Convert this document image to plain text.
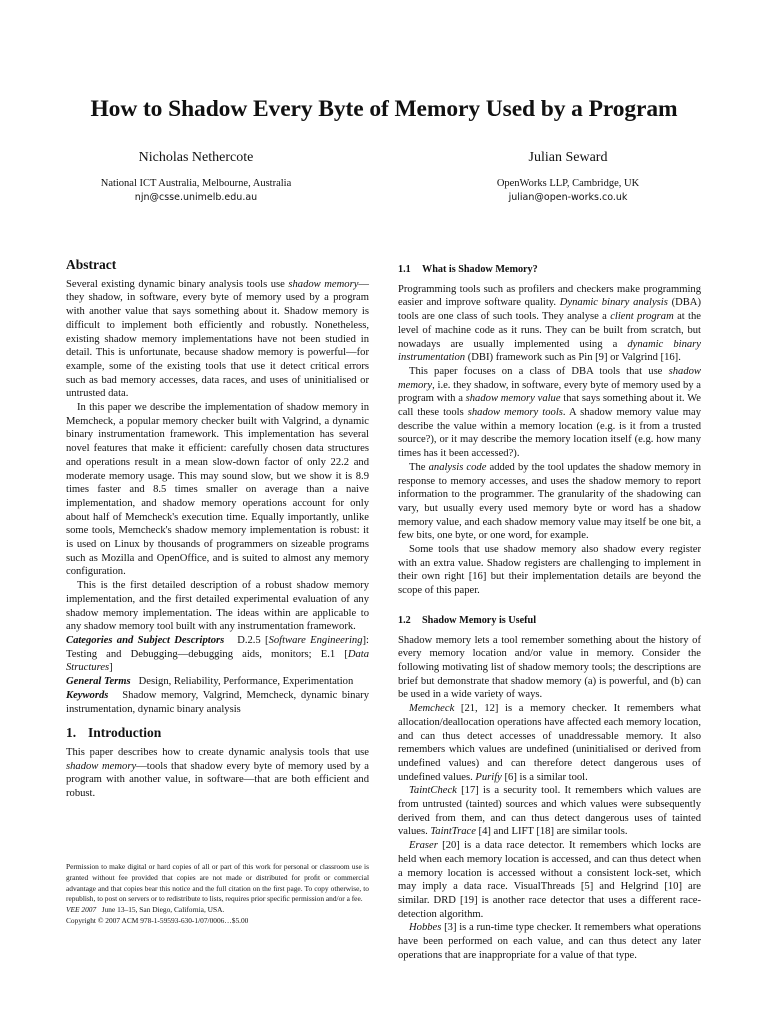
How to Shadow Every Byte of Memory Used by a Program
Nicholas Nethercote
National ICT Australia, Melbourne, Australia
njn@csse.unimelb.edu.au
Julian Seward
OpenWorks LLP, Cambridge, UK
julian@open-works.co.uk
Abstract

Several existing dynamic binary analysis tools use shadow memory—they shadow, in software, every byte of memory used by a program with another value that says something about it. Shadow memory is difficult to implement both efficiently and robustly. Nonetheless, existing shadow memory implementations have not been studied in detail. This is unfortunate, because shadow memory is powerful—for example, some of the existing tools that use it detect critical errors such as bad memory accesses, data races, and uses of uninitialised or untrusted data.

In this paper we describe the implementation of shadow memory in Memcheck, a popular memory checker built with Valgrind, a dynamic binary instrumentation framework. This implementation has several novel features that make it efficient: carefully chosen data structures and operations result in a mean slow-down factor of only 22.2 and moderate memory usage. This may sound slow, but we show it is 8.9 times faster and 8.5 times smaller on average than a naive implementation, and shadow memory operations account for only about half of Memcheck's execution time. Equally importantly, unlike some tools, Memcheck's shadow memory implementation is robust: it is used on Linux by thousands of programmers on sizeable programs such as Mozilla and OpenOffice, and is suited to almost any memory configuration.

This is the first detailed description of a robust shadow memory implementation, and the first detailed experimental evaluation of any shadow memory implementation. The ideas within are applicable to any shadow memory tool built with any instrumentation framework.

Categories and Subject Descriptors D.2.5 [Software Engineering]: Testing and Debugging—debugging aids, monitors; E.1 [Data Structures]

General Terms Design, Reliability, Performance, Experimentation

Keywords Shadow memory, Valgrind, Memcheck, dynamic binary instrumentation, dynamic binary analysis

1. Introduction

This paper describes how to create dynamic analysis tools that use shadow memory—tools that shadow every byte of memory used by a program with another value, in software—that are both efficient and robust.

Permission to make digital or hard copies of all or part of this work for personal or classroom use is granted without fee provided that copies are not made or distributed for proﬁt or commercial advantage and that copies bear this notice and the full citation on the ﬁrst page. To copy otherwise, to republish, to post on servers or to redistribute to lists, requires prior speciﬁc permission and/or a fee.

VEE 2007 June 13–15, San Diego, California, USA.

Copyright © 2007 ACM 978-1-59593-630-1/07/0006…$5.00

1.1 What is Shadow Memory?

Programming tools such as profilers and checkers make programming easier and improve software quality. Dynamic binary analysis (DBA) tools are one class of such tools. They analyse a client program at the level of machine code as it runs. They can be built from scratch, but nowadays are usually implemented using a dynamic binary instrumentation (DBI) framework such as Pin [9] or Valgrind [16].

This paper focuses on a class of DBA tools that use shadow memory, i.e. they shadow, in software, every byte of memory used by a program with a shadow memory value that says something about it. We call these tools shadow memory tools. A shadow memory value may describe the value within a memory location (e.g. is it from a trusted source?), or it may describe the memory location itself (e.g. how many times has it been accessed?).

The analysis code added by the tool updates the shadow memory in response to memory accesses, and uses the shadow memory to report information to the programmer. The granularity of the shadowing can vary, but usually every used memory byte or word has a shadow memory value, and each shadow memory value may itself be one bit, a few bits, one byte, or one word, for example.

Some tools that use shadow memory also shadow every register with an extra value. Shadow registers are challenging to implement in their own right [16] but their implementation details are beyond the scope of this paper.

1.2 Shadow Memory is Useful

Shadow memory lets a tool remember something about the history of every memory location and/or value in memory. Consider the following motivating list of shadow memory tools; the descriptions are brief but demonstrate that shadow memory (a) is powerful, and (b) can be used in a wide variety of ways.

Memcheck [21, 12] is a memory checker. It remembers what allocation/deallocation operations have affected each memory location, and can thus detect accesses of unaddressable memory. It also remembers which values are undefined (uninitialised or derived from undefined values) and can therefore detect dangerous uses of undefined values. Purify [6] is a similar tool.

TaintCheck [17] is a security tool. It remembers which values are from untrusted (tainted) sources and which values were subsequently derived from them, and can thus detect dangerous uses of tainted values. TaintTrace [4] and LIFT [18] are similar tools.

Eraser [20] is a data race detector. It remembers which locks are held when each memory location is accessed, and can thus detect when a memory location is accessed without a consistent lock-set, which may imply a data race. VisualThreads [5] and Helgrind [10] are similar. DRD [19] is another race detector that uses a different race-detection algorithm.

Hobbes [3] is a run-time type checker. It remembers what operations have been performed on each value, and can thus detect any later operations that are inappropriate for a value of that type.
